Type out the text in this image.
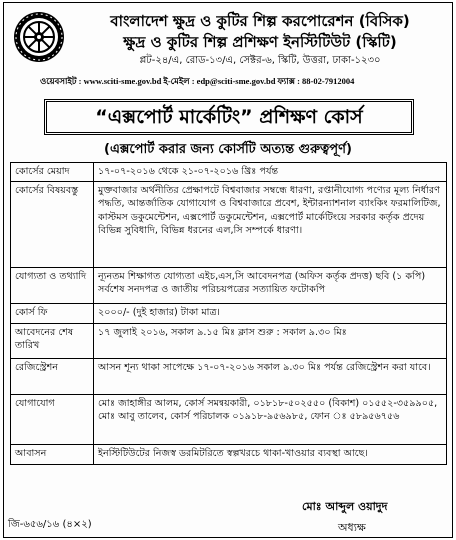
বাংলাদেশ ক্ষুদ্র ও কুটির শিল্প করপোরেশন (বিসিক)
ক্ষুদ্র ও কুটির শিল্প প্রশিক্ষণ ইনস্টিটিউট (স্কিটি)
প্লট-২৪/এ, রোড-১৩/এ, সেক্টর-৬, স্কিটি, উত্তরা, ঢাকা-১২৩০
ওয়েবসাইট : www.sciti-sme.gov.bd ই-মেইল : edp@sciti-sme.gov.bd ফ্যাক্স : 88-02-7912004
“এক্সপোর্ট মার্কেটিং” প্রশিক্ষণ কোর্স
(এক্সপোর্ট করার জন্য কোর্সটি অত্যন্ত গুরুত্বপূর্ণ)
কোর্সের মেয়াদ	১৭-০৭-২০১৬ থেকে ২১-০৭-২০১৬ খ্রিঃ পর্যন্ত
কোর্সের বিষয়বস্তু	মুক্তবাজার অর্থনীতির প্রেক্ষাপটে বিশ্ববাজার সম্বন্ধে ধারণা, রপ্তানীযোগ্য পণ্যের মূল্য নির্ধারণ পদ্ধতি, আন্তর্জাতিক যোগাযোগ ও বিশ্ববাজারে প্রবেশ, ইন্টারন্যাশনাল ব্যাংকিং ফরমালিটিজ, কাস্টমস ডকুমেন্টেশন, এক্সপোর্ট ডকুমেন্টেশন, এক্সপোর্ট মার্কেটিংয়ে সরকার কর্তৃক প্রদেয় বিভিন্ন সুবিধাদি, বিভিন্ন ধরনের এল,সি সম্পর্কে ধারণা।
যোগ্যতা ও তথ্যাদি	ন্যূনতম শিক্ষাগত যোগ্যতা এইচ,এস,সি আবেদনপত্র (অফিস কর্তৃক প্রদত্ত) ছবি (১ কপি) সর্বশেষ সনদপত্র ও জাতীয় পরিচয়পত্রের সত্যায়িত ফটোকপি
কোর্স ফি	২০০০/- (দুই হাজার) টাকা মাত্র।
আবেদনের শেষ তারিখ	১৭ জুলাই ২০১৬, সকাল ৯.১৫ মিঃ ক্লাস শুরু : সকাল ৯.৩০ মিঃ
রেজিস্ট্রেশন	আসন শূন্য থাকা সাপেক্ষে ১৭-০৭-২০১৬ সকাল ৯.৩০ মিঃ পর্যন্ত রেজিস্ট্রেশন করা যাবে।
যোগাযোগ	মোঃ জাহাঙ্গীর আলম, কোর্স সমন্বয়কারী, ০১৮১৮-৫০২৫৫০ (বিকাশ) ০১৫৫২-৩৫৯৯০৫, মোঃ আবু তালেব, কোর্স পরিচালক ০১৯১৮-৯৫৬৯৮৫, ফোন ঃ ৫৮৯৫৬৭৫৬
আবাসন	ইনস্টিটিউটের নিজস্ব ডরমিটরিতে স্বল্পখরচে থাকা-খাওয়ার ব্যবস্থা আছে।
মোঃ আব্দুল ওয়াদুদ
অধ্যক্ষ
জি-৬৫৬/১৬ (৪×২)
